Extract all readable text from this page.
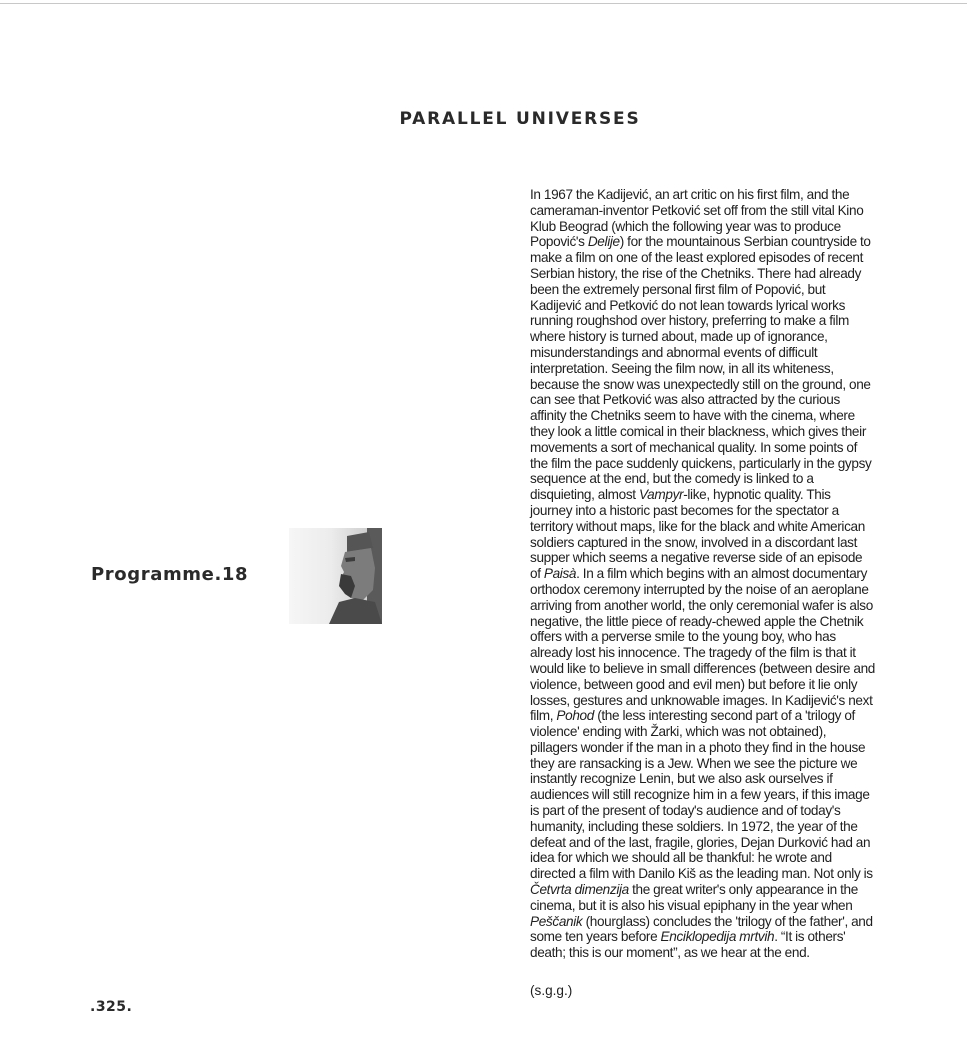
PARALLEL UNIVERSES
Programme.18

In 1967 the Kadijević, an art critic on his first film, and the cameraman-inventor Petković set off from the still vital Kino Klub Beograd (which the following year was to produce Popović's Delije) for the mountainous Serbian countryside to make a film on one of the least explored episodes of recent Serbian history, the rise of the Chetniks. There had already been the extremely personal first film of Popović, but Kadijević and Petković do not lean towards lyrical works running roughshod over history, preferring to make a film where history is turned about, made up of ignorance, misunderstandings and abnormal events of difficult interpretation. Seeing the film now, in all its whiteness, because the snow was unexpectedly still on the ground, one can see that Petković was also attracted by the curious affinity the Chetniks seem to have with the cinema, where they look a little comical in their blackness, which gives their movements a sort of mechanical quality. In some points of the film the pace suddenly quickens, particularly in the gypsy sequence at the end, but the comedy is linked to a disquieting, almost Vampyr-like, hypnotic quality. This journey into a historic past becomes for the spectator a territory without maps, like for the black and white American soldiers captured in the snow, involved in a discordant last supper which seems a negative reverse side of an episode of Paisà. In a film which begins with an almost documentary orthodox ceremony interrupted by the noise of an aeroplane arriving from another world, the only ceremonial wafer is also negative, the little piece of ready-chewed apple the Chetnik offers with a perverse smile to the young boy, who has already lost his innocence. The tragedy of the film is that it would like to believe in small differences (between desire and violence, between good and evil men) but before it lie only losses, gestures and unknowable images. In Kadijević's next film, Pohod (the less interesting second part of a 'trilogy of violence' ending with Žarki, which was not obtained), pillagers wonder if the man in a photo they find in the house they are ransacking is a Jew. When we see the picture we instantly recognize Lenin, but we also ask ourselves if audiences will still recognize him in a few years, if this image is part of the present of today's audience and of today's humanity, including these soldiers. In 1972, the year of the defeat and of the last, fragile, glories, Dejan Durković had an idea for which we should all be thankful: he wrote and directed a film with Danilo Kiš as the leading man. Not only is Četvrta dimenzija the great writer's only appearance in the cinema, but it is also his visual epiphany in the year when Peščanik (hourglass) concludes the 'trilogy of the father', and some ten years before Enciklopedija mrtvih. “It is others' death; this is our moment”, as we hear at the end.

(s.g.g.)
.325.
